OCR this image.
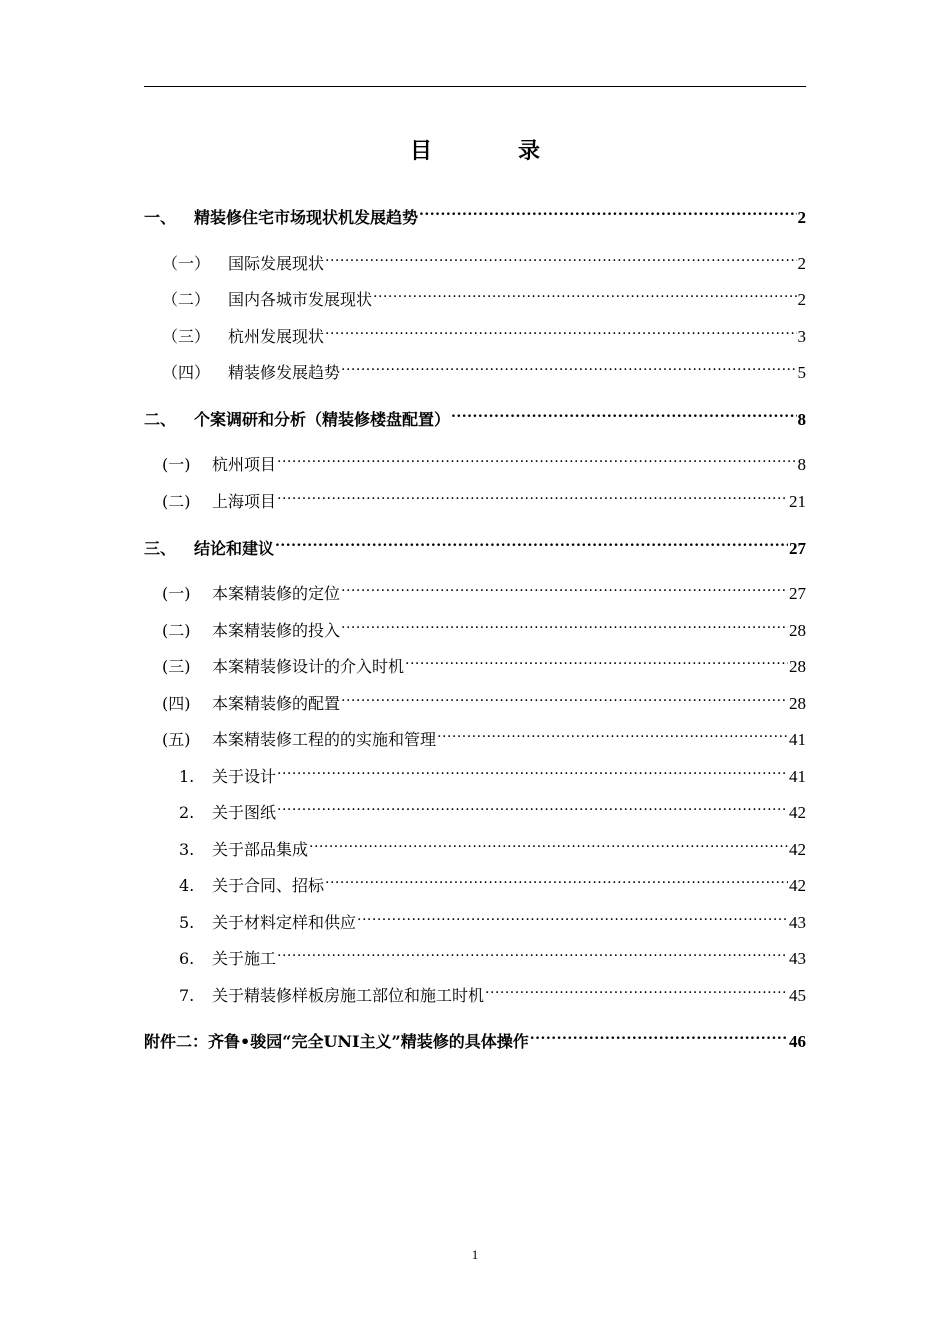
目　录
一、	精装修住宅市场现状机发展趋势 .....	2
（一）	国际发展现状 .....	2
（二）	国内各城市发展现状 .....	2
（三）	杭州发展现状 .....	3
（四）	精装修发展趋势 .....	5
二、	个案调研和分析（精装修楼盘配置） .....	8
(一)	杭州项目 .....	8
(二)	上海项目 .....	21
三、	结论和建议 .....	27
(一)	本案精装修的定位 .....	27
(二)	本案精装修的投入 .....	28
(三)	本案精装修设计的介入时机 .....	28
(四)	本案精装修的配置 .....	28
(五)	本案精装修工程的的实施和管理 .....	41
1.	关于设计 .....	41
2.	关于图纸 .....	42
3.	关于部品集成 .....	42
4.	关于合同、招标 .....	42
5.	关于材料定样和供应 .....	43
6.	关于施工 .....	43
7.	关于精装修样板房施工部位和施工时机 .....	45
附件二： 齐鲁•骏园“完全UNI主义”精装修的具体操作 .....	46
1
